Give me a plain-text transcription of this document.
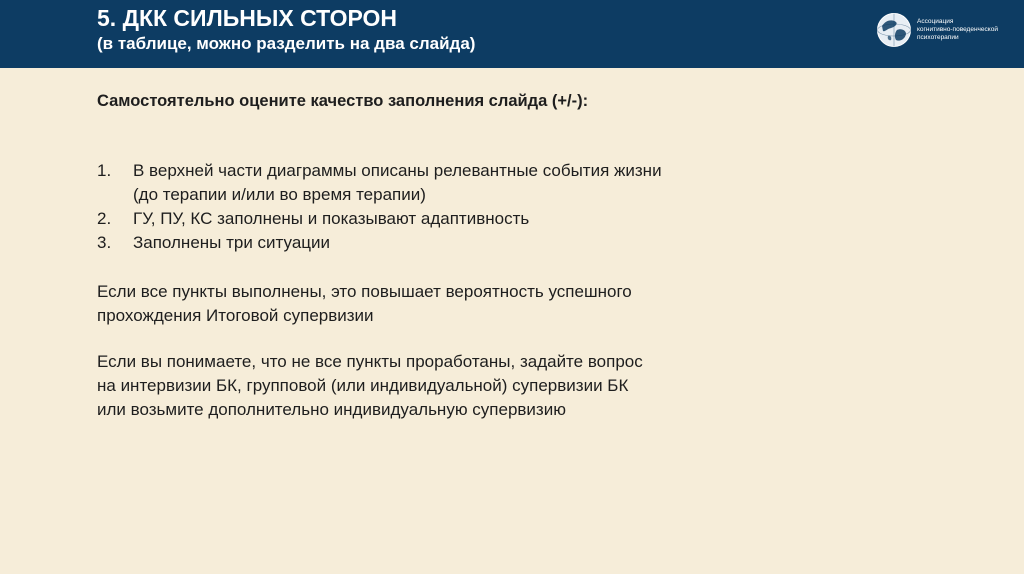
5. ДКК СИЛЬНЫХ СТОРОН
(в таблице, можно разделить на два слайда)
Ассоциация
когнитивно-поведенческой
психотерапии
Самостоятельно оцените качество заполнения слайда (+/-):
1. В верхней части диаграммы описаны релевантные события жизни
(до терапии и/или во время терапии)
2. ГУ, ПУ, КС заполнены и показывают адаптивность
3. Заполнены три ситуации
Если все пункты выполнены, это повышает вероятность успешного
прохождения Итоговой супервизии
Если вы понимаете, что не все пункты проработаны, задайте вопрос
на интервизии БК, групповой (или индивидуальной) супервизии БК
или возьмите дополнительно индивидуальную супервизию
